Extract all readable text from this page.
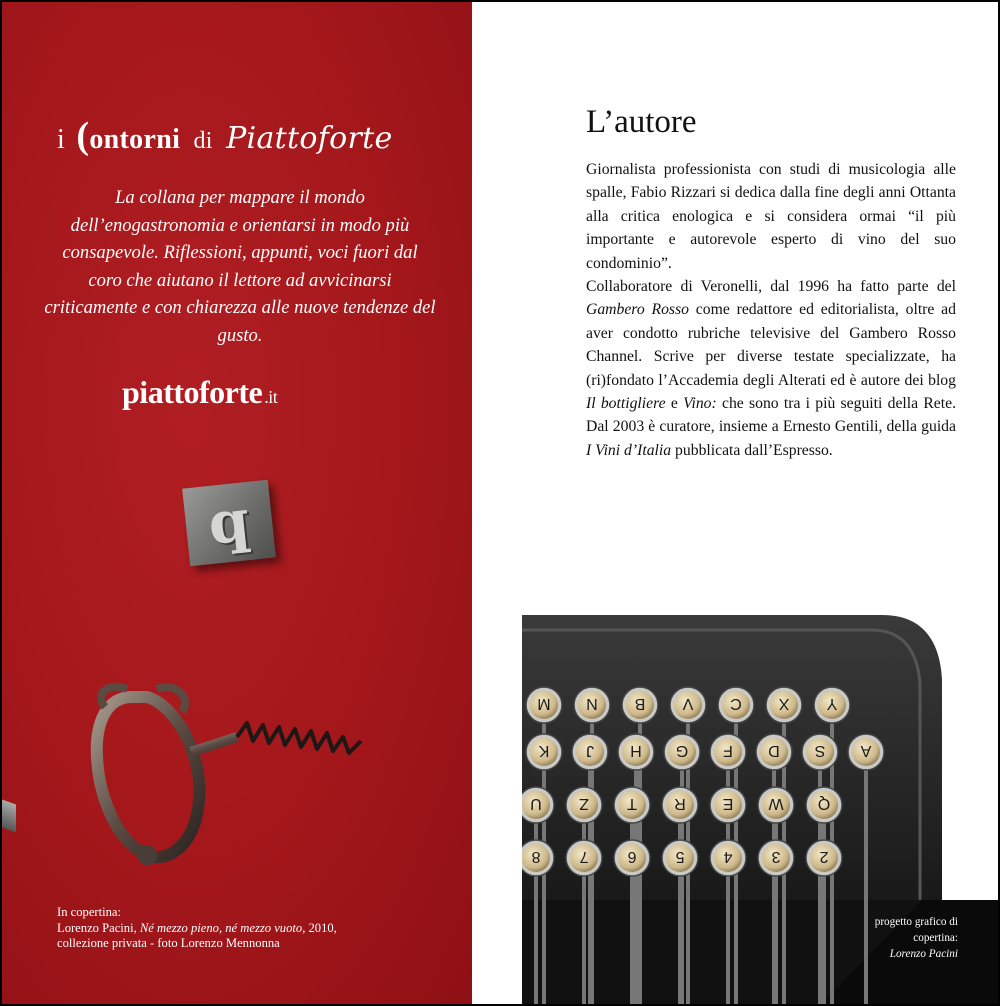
i (ontorni di Piattoforte
La collana per mappare il mondo dell’enogastronomia e orientarsi in modo più consapevole. Riflessioni, appunti, voci fuori dal coro che aiutano il lettore ad avvicinarsi criticamente e con chiarezza alle nuove tendenze del gusto.
piattoforte .it
p
In copertina:
Lorenzo Pacini, Né mezzo pieno, né mezzo vuoto, 2010,
collezione privata - foto Lorenzo Mennonna
L’autore

Giornalista professionista con studi di musicologia alle spalle, Fabio Rizzari si dedica dalla fine degli anni Ottanta alla critica enologica e si considera ormai “il più importante e autorevole esperto di vino del suo condominio”.

Collaboratore di Veronelli, dal 1996 ha fatto parte del Gambero Rosso come redattore ed editorialista, oltre ad aver condotto rubriche televisive del Gambero Rosso Channel. Scrive per diverse testate specializzate, ha (ri)fondato l’Accademia degli Alterati ed è autore dei blog Il bottigliere e Vino: che sono tra i più seguiti della Rete. Dal 2003 è curatore, insieme a Ernesto Gentili, della guida I Vini d’Italia pubblicata dall’Espresso.

M N B V C X Y
K J H G F D S A
U Z T R E W Q
8 7 6 5 4 3 2
progetto grafico di copertina:
Lorenzo Pacini
